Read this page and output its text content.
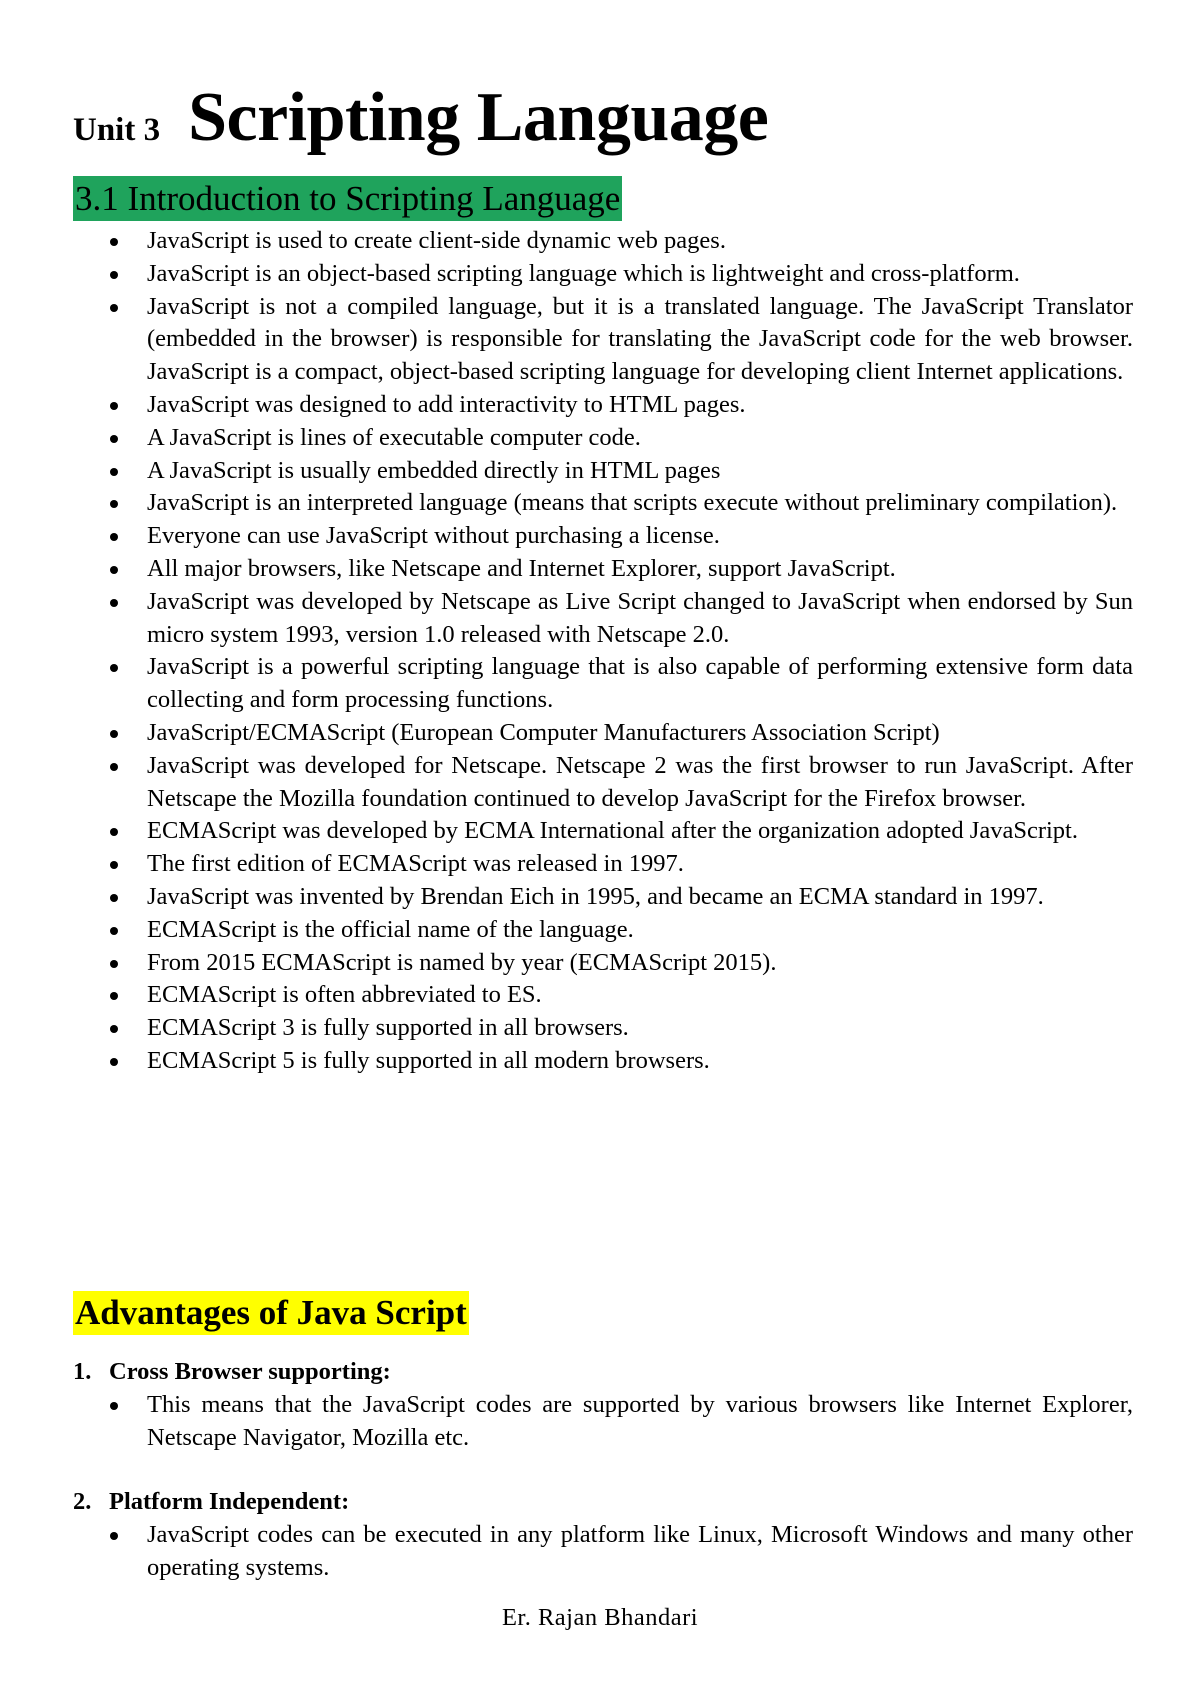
Unit 3 Scripting Language
3.1 Introduction to Scripting Language
JavaScript is used to create client-side dynamic web pages.
JavaScript is an object-based scripting language which is lightweight and cross-platform.
JavaScript is not a compiled language, but it is a translated language. The JavaScript Translator (embedded in the browser) is responsible for translating the JavaScript code for the web browser. JavaScript is a compact, object-based scripting language for developing client Internet applications.
JavaScript was designed to add interactivity to HTML pages.
A JavaScript is lines of executable computer code.
A JavaScript is usually embedded directly in HTML pages
JavaScript is an interpreted language (means that scripts execute without preliminary compilation).
Everyone can use JavaScript without purchasing a license.
All major browsers, like Netscape and Internet Explorer, support JavaScript.
JavaScript was developed by Netscape as Live Script changed to JavaScript when endorsed by Sun micro system 1993, version 1.0 released with Netscape 2.0.
JavaScript is a powerful scripting language that is also capable of performing extensive form data collecting and form processing functions.
JavaScript/ECMAScript (European Computer Manufacturers Association Script)
JavaScript was developed for Netscape. Netscape 2 was the first browser to run JavaScript. After Netscape the Mozilla foundation continued to develop JavaScript for the Firefox browser.
ECMAScript was developed by ECMA International after the organization adopted JavaScript.
The first edition of ECMAScript was released in 1997.
JavaScript was invented by Brendan Eich in 1995, and became an ECMA standard in 1997.
ECMAScript is the official name of the language.
From 2015 ECMAScript is named by year (ECMAScript 2015).
ECMAScript is often abbreviated to ES.
ECMAScript 3 is fully supported in all browsers.
ECMAScript 5 is fully supported in all modern browsers.
Advantages of Java Script
1. Cross Browser supporting:
This means that the JavaScript codes are supported by various browsers like Internet Explorer, Netscape Navigator, Mozilla etc.
2. Platform Independent:
JavaScript codes can be executed in any platform like Linux, Microsoft Windows and many other operating systems.
Er. Rajan Bhandari
